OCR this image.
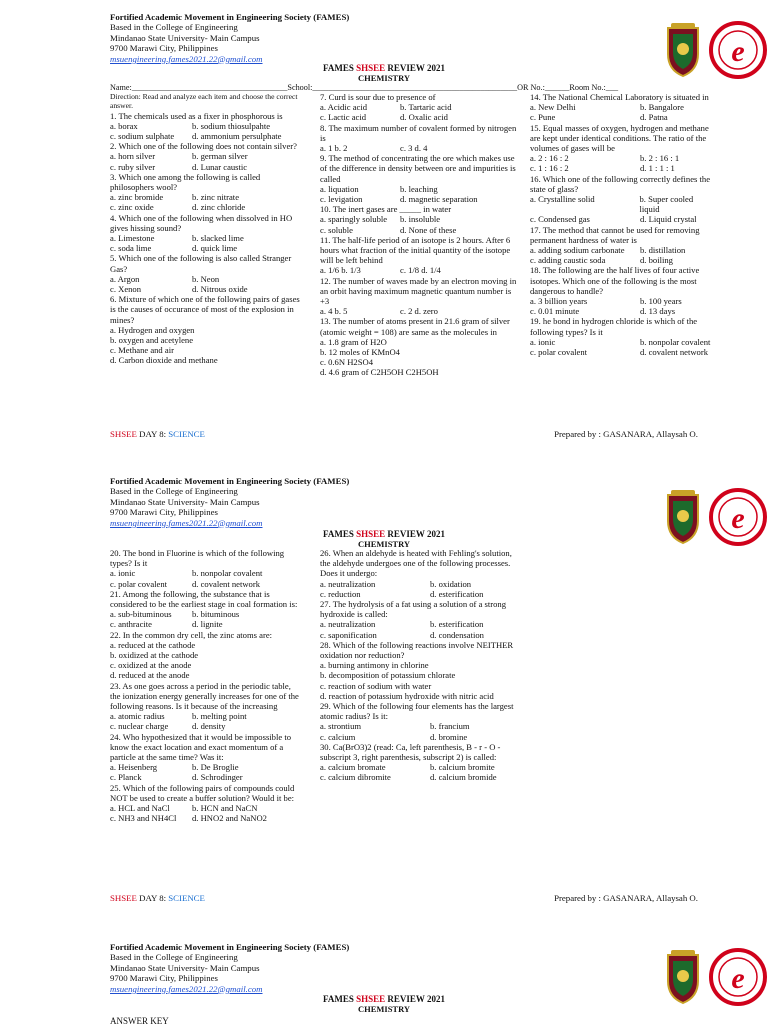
Fortified Academic Movement in Engineering Society (FAMES)
Based in the College of Engineering
Mindanao State University- Main Campus
9700 Marawi City, Philippines
msuengineering.fames2021.22@gmail.com	e
FAMES SHSEE REVIEW 2021
CHEMISTRY
Name:______________________________________School:__________________________________________________OR No.:______Room No.:___
Direction: Read and analyze each item and choose the correct answer.
1. The chemicals used as a fixer in phosphorous is
a. borax	b. sodium thiosulpahte
c. sodium sulphate	d. ammonium persulphate
2. Which one of the following does not contain silver?
a. horn silver	b. german silver
c. ruby silver	d. Lunar caustic
3. Which one among the following is called philosophers wool?
a. zinc bromide	b. zinc nitrate
c. zinc oxide	d. zinc chloride
4. Which one of the following when dissolved in HO gives hissing sound?
a. Limestone	b. slacked lime
c. soda lime	d. quick lime
5. Which one of the following is also called Stranger Gas?
a. Argon	b. Neon
c. Xenon	d. Nitrous oxide
6. Mixture of which one of the following pairs of gases is the causes of occurance of most of the explosion in mines?
a. Hydrogen and oxygen
b. oxygen and acetylene
c. Methane and air
d. Carbon dioxide and methane
7. Curd is sour due to presence of
a. Acidic acid	b. Tartaric acid
c. Lactic acid	d. Oxalic acid
8. The maximum number of covalent formed by nitrogen is
a. 1 b. 2	c. 3 d. 4
9. The method of concentrating the ore which makes use of the difference in density between ore and impurities is called
a. liquation	b. leaching
c. levigation	d. magnetic separation
10. The inert gases are _____ in water
a. sparingly soluble	b. insoluble
c. soluble	d. None of these
11. The half-life period of an isotope is 2 hours. After 6 hours what fraction of the initial quantity of the isotope will be left behind
a. 1/6 b. 1/3	c. 1/8 d. 1/4
12. The number of waves made by an electron moving in an orbit having maximum magnetic quantum number is +3
a. 4 b. 5	c. 2 d. zero
13. The number of atoms present in 21.6 gram of silver (atomic weight = 108) are same as the molecules in
a. 1.8 gram of H2O
b. 12 moles of KMnO4
c. 0.6N H2SO4
d. 4.6 gram of C2H5OH C2H5OH
14. The National Chemical Laboratory is situated in
a. New Delhi	b. Bangalore
c. Pune	d. Patna
15. Equal masses of oxygen, hydrogen and methane are kept under identical conditions. The ratio of the volumes of gases will be
a. 2 : 16 : 2	b. 2 : 16 : 1
c. 1 : 16 : 2	d. 1 : 1 : 1
16. Which one of the following correctly defines the state of glass?
a. Crystalline solid	b. Super cooled liquid
c. Condensed gas	d. Liquid crystal
17. The method that cannot be used for removing permanent hardness of water is
a. adding sodium carbonate	b. distillation
c. adding caustic soda	d. boiling
18. The following are the half lives of four active isotopes. Which one of the following is the most dangerous to handle?
a. 3 billion years	b. 100 years
c. 0.01 minute	d. 13 days
19. he bond in hydrogen chloride is which of the following types? Is it
a. ionic	b. nonpolar covalent
c. polar covalent	d. covalent network
SHSEE DAY 8: SCIENCE	Prepared by : GASANARA, Allaysah O.
Fortified Academic Movement in Engineering Society (FAMES)
Based in the College of Engineering
Mindanao State University- Main Campus
9700 Marawi City, Philippines
msuengineering.fames2021.22@gmail.com	e
FAMES SHSEE REVIEW 2021
CHEMISTRY
20. The bond in Fluorine is which of the following types? Is it
a. ionic	b. nonpolar covalent
c. polar covalent	d. covalent network
21. Among the following, the substance that is considered to be the earliest stage in coal formation is:
a. sub-bituminous	b. bituminous
c. anthracite	d. lignite
22. In the common dry cell, the zinc atoms are:
a. reduced at the cathode
b. oxidized at the cathode
c. oxidized at the anode
d. reduced at the anode
23. As one goes across a period in the periodic table, the ionization energy generally increases for one of the following reasons. Is it because of the increasing
a. atomic radius	b. melting point
c. nuclear charge	d. density
24. Who hypothesized that it would be impossible to know the exact location and exact momentum of a particle at the same time? Was it:
a. Heisenberg	b. De Broglie
c. Planck	d. Schrodinger
25. Which of the following pairs of compounds could NOT be used to create a buffer solution? Would it be:
a. HCL and NaCl	b. HCN and NaCN
c. NH3 and NH4Cl	d. HNO2 and NaNO2
26. When an aldehyde is heated with Fehling's solution, the aldehyde undergoes one of the following processes. Does it undergo:
a. neutralization	b. oxidation
c. reduction	d. esterification
27. The hydrolysis of a fat using a solution of a strong hydroxide is called:
a. neutralization	b. esterification
c. saponification	d. condensation
28. Which of the following reactions involve NEITHER oxidation nor reduction?
a. burning antimony in chlorine
b. decomposition of potassium chlorate
c. reaction of sodium with water
d. reaction of potassium hydroxide with nitric acid
29. Which of the following four elements has the largest atomic radius? Is it:
a. strontium	b. francium
c. calcium	d. bromine
30. Ca(BrO3)2 (read: Ca, left parenthesis, B - r - O - subscript 3, right parenthesis, subscript 2) is called:
a. calcium bromate	b. calcium bromite
c. calcium dibromite	d. calcium bromide
SHSEE DAY 8: SCIENCE	Prepared by : GASANARA, Allaysah O.
Fortified Academic Movement in Engineering Society (FAMES)
Based in the College of Engineering
Mindanao State University- Main Campus
9700 Marawi City, Philippines
msuengineering.fames2021.22@gmail.com	e
FAMES SHSEE REVIEW 2021
CHEMISTRY
ANSWER KEY
